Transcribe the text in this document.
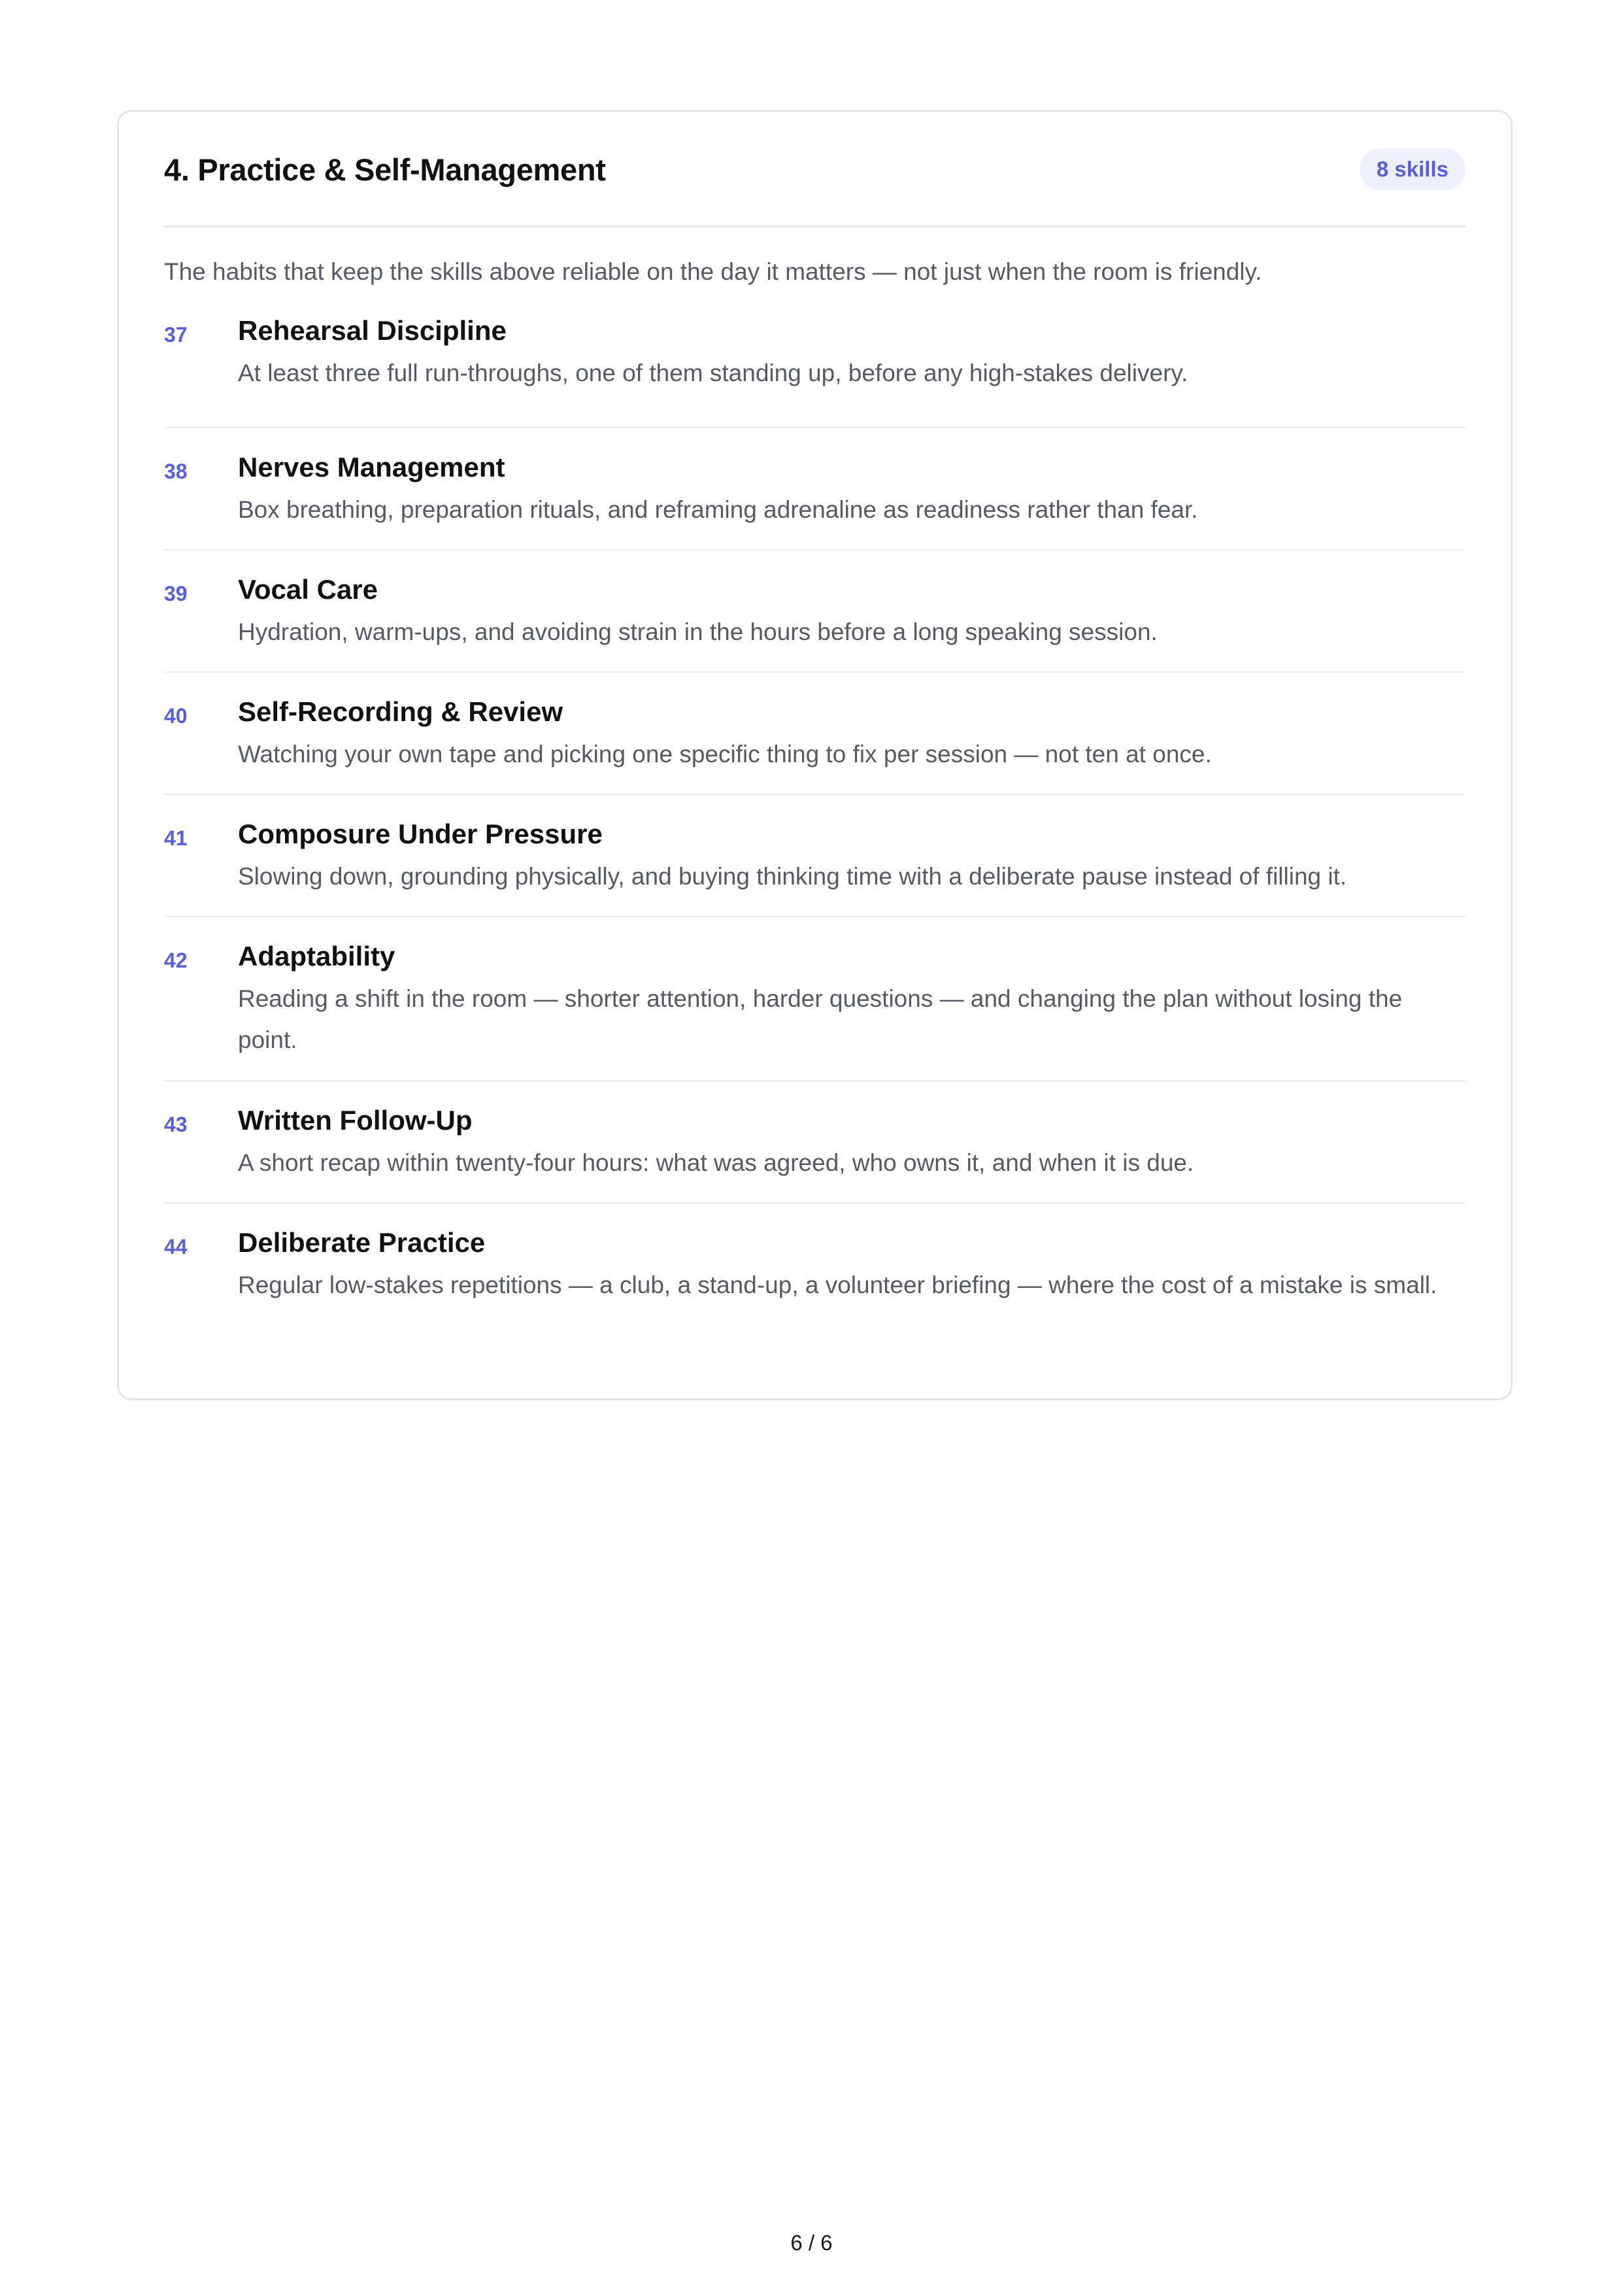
4. Practice & Self-Management	8 skills

The habits that keep the skills above reliable on the day it matters — not just when the room is friendly.

37	Rehearsal Discipline

At least three full run-throughs, one of them standing up, before any high-stakes delivery.

38	Nerves Management

Box breathing, preparation rituals, and reframing adrenaline as readiness rather than fear.

39	Vocal Care

Hydration, warm-ups, and avoiding strain in the hours before a long speaking session.

40	Self-Recording & Review

Watching your own tape and picking one specific thing to fix per session — not ten at once.

41	Composure Under Pressure

Slowing down, grounding physically, and buying thinking time with a deliberate pause instead of filling it.

42	Adaptability

Reading a shift in the room — shorter attention, harder questions — and changing the plan without losing the point.

43	Written Follow-Up

A short recap within twenty-four hours: what was agreed, who owns it, and when it is due.

44	Deliberate Practice

Regular low-stakes repetitions — a club, a stand-up, a volunteer briefing — where the cost of a mistake is small.

6 / 6
